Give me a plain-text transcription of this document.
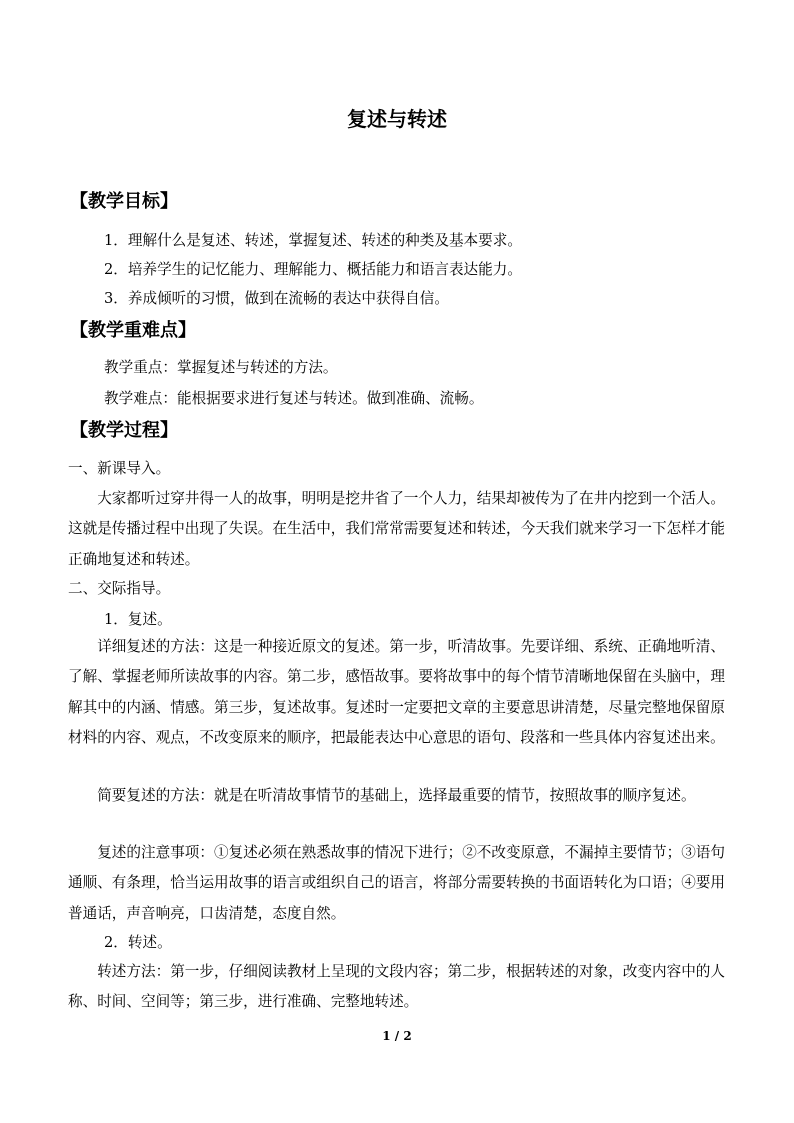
复述与转述
【教学目标】
1．理解什么是复述、转述，掌握复述、转述的种类及基本要求。
2．培养学生的记忆能力、理解能力、概括能力和语言表达能力。
3．养成倾听的习惯，做到在流畅的表达中获得自信。
【教学重难点】
教学重点：掌握复述与转述的方法。
教学难点：能根据要求进行复述与转述。做到准确、流畅。
【教学过程】
一、新课导入。
大家都听过穿井得一人的故事，明明是挖井省了一个人力，结果却被传为了在井内挖到一个活人。这就是传播过程中出现了失误。在生活中，我们常常需要复述和转述，今天我们就来学习一下怎样才能正确地复述和转述。
二、交际指导。
1．复述。
详细复述的方法：这是一种接近原文的复述。第一步，听清故事。先要详细、系统、正确地听清、了解、掌握老师所读故事的内容。第二步，感悟故事。要将故事中的每个情节清晰地保留在头脑中，理解其中的内涵、情感。第三步，复述故事。复述时一定要把文章的主要意思讲清楚，尽量完整地保留原材料的内容、观点，不改变原来的顺序，把最能表达中心意思的语句、段落和一些具体内容复述出来。
简要复述的方法：就是在听清故事情节的基础上，选择最重要的情节，按照故事的顺序复述。
复述的注意事项：①复述必须在熟悉故事的情况下进行；②不改变原意，不漏掉主要情节；③语句通顺、有条理，恰当运用故事的语言或组织自己的语言，将部分需要转换的书面语转化为口语；④要用普通话，声音响亮，口齿清楚，态度自然。
2．转述。
转述方法：第一步，仔细阅读教材上呈现的文段内容；第二步，根据转述的对象，改变内容中的人称、时间、空间等；第三步，进行准确、完整地转述。
1 / 2
